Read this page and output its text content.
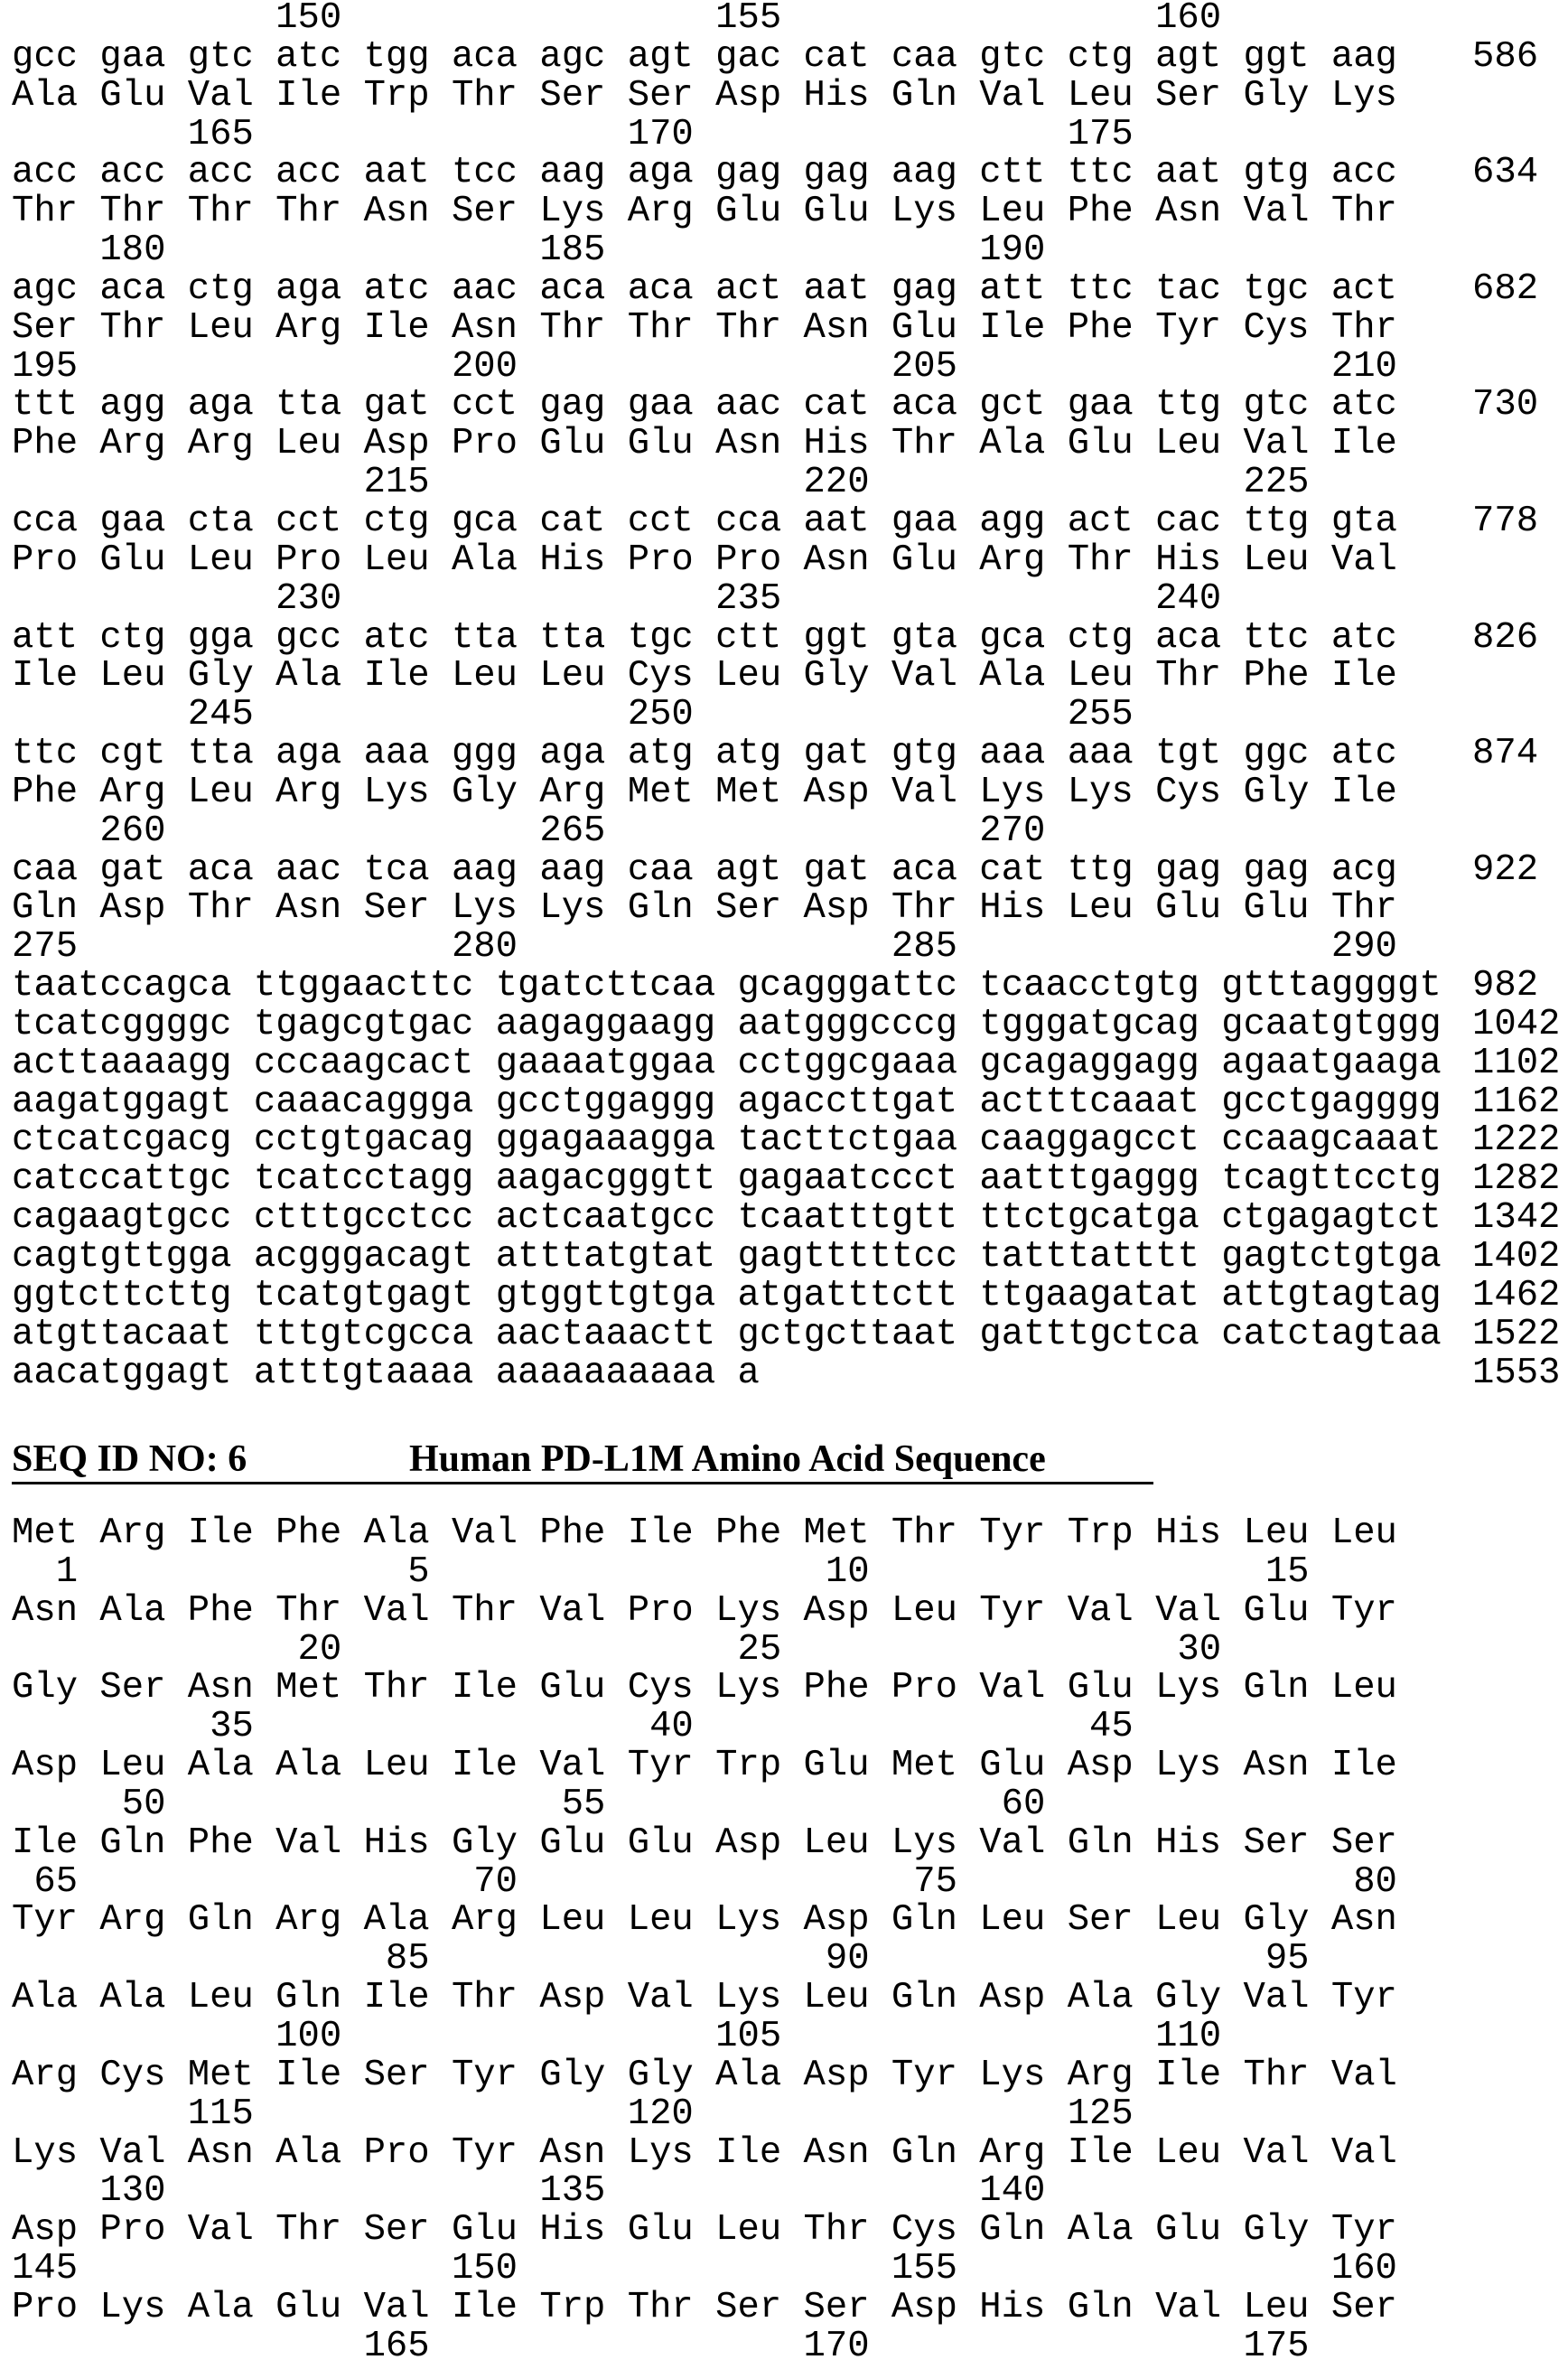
150	155	160
gcc gaa gtc atc tgg aca agc agt gac cat caa gtc ctg agt ggt aag	586
Ala Glu Val Ile Trp Thr Ser Ser Asp His Gln Val Leu Ser Gly Lys
165	170	175
acc acc acc acc aat tcc aag aga gag gag aag ctt ttc aat gtg acc	634
Thr Thr Thr Thr Asn Ser Lys Arg Glu Glu Lys Leu Phe Asn Val Thr
180	185	190
agc aca ctg aga atc aac aca aca act aat gag att ttc tac tgc act	682
Ser Thr Leu Arg Ile Asn Thr Thr Thr Asn Glu Ile Phe Tyr Cys Thr
195	200	205	210
ttt agg aga tta gat cct gag gaa aac cat aca gct gaa ttg gtc atc	730
Phe Arg Arg Leu Asp Pro Glu Glu Asn His Thr Ala Glu Leu Val Ile
215	220	225
cca gaa cta cct ctg gca cat cct cca aat gaa agg act cac ttg gta	778
Pro Glu Leu Pro Leu Ala His Pro Pro Asn Glu Arg Thr His Leu Val
230	235	240
att ctg gga gcc atc tta tta tgc ctt ggt gta gca ctg aca ttc atc	826
Ile Leu Gly Ala Ile Leu Leu Cys Leu Gly Val Ala Leu Thr Phe Ile
245	250	255
ttc cgt tta aga aaa ggg aga atg atg gat gtg aaa aaa tgt ggc atc	874
Phe Arg Leu Arg Lys Gly Arg Met Met Asp Val Lys Lys Cys Gly Ile
260	265	270
caa gat aca aac tca aag aag caa agt gat aca cat ttg gag gag acg	922
Gln Asp Thr Asn Ser Lys Lys Gln Ser Asp Thr His Leu Glu Glu Thr
275	280	285	290
taatccagca ttggaacttc tgatcttcaa gcagggattc tcaacctgtg gtttaggggt 982
tcatcggggc tgagcgtgac aagaggaagg aatgggcccg tgggatgcag gcaatgtggg 1042
acttaaaagg cccaagcact gaaaatggaa cctggcgaaa gcagaggagg agaatgaaga 1102
aagatggagt caaacaggga gcctggaggg agaccttgat actttcaaat gcctgagggg 1162
ctcatcgacg cctgtgacag ggagaaagga tacttctgaa caaggagcct ccaagcaaat 1222
catccattgc tcatcctagg aagacgggtt gagaatccct aatttgaggg tcagttcctg 1282
cagaagtgcc ctttgcctcc actcaatgcc tcaatttgtt ttctgcatga ctgagagtct 1342
cagtgttgga acgggacagt atttatgtat gagtttttcc tatttatttt gagtctgtga 1402
ggtcttcttg tcatgtgagt gtggttgtga atgatttctt ttgaagatat attgtagtag 1462
atgttacaat tttgtcgcca aactaaactt gctgcttaat gatttgctca catctagtaa 1522
aacatggagt atttgtaaaa aaaaaaaaaa a	1553
SEQ ID NO: 6	Human PD-L1M Amino Acid Sequence
Met Arg Ile Phe Ala Val Phe Ile Phe Met Thr Tyr Trp His Leu Leu
1	5	10	15
Asn Ala Phe Thr Val Thr Val Pro Lys Asp Leu Tyr Val Val Glu Tyr
20	25	30
Gly Ser Asn Met Thr Ile Glu Cys Lys Phe Pro Val Glu Lys Gln Leu
35	40	45
Asp Leu Ala Ala Leu Ile Val Tyr Trp Glu Met Glu Asp Lys Asn Ile
50	55	60
Ile Gln Phe Val His Gly Glu Glu Asp Leu Lys Val Gln His Ser Ser
65	70	75	80
Tyr Arg Gln Arg Ala Arg Leu Leu Lys Asp Gln Leu Ser Leu Gly Asn
85	90	95
Ala Ala Leu Gln Ile Thr Asp Val Lys Leu Gln Asp Ala Gly Val Tyr
100	105	110
Arg Cys Met Ile Ser Tyr Gly Gly Ala Asp Tyr Lys Arg Ile Thr Val
115	120	125
Lys Val Asn Ala Pro Tyr Asn Lys Ile Asn Gln Arg Ile Leu Val Val
130	135	140
Asp Pro Val Thr Ser Glu His Glu Leu Thr Cys Gln Ala Glu Gly Tyr
145	150	155	160
Pro Lys Ala Glu Val Ile Trp Thr Ser Ser Asp His Gln Val Leu Ser
165	170	175
